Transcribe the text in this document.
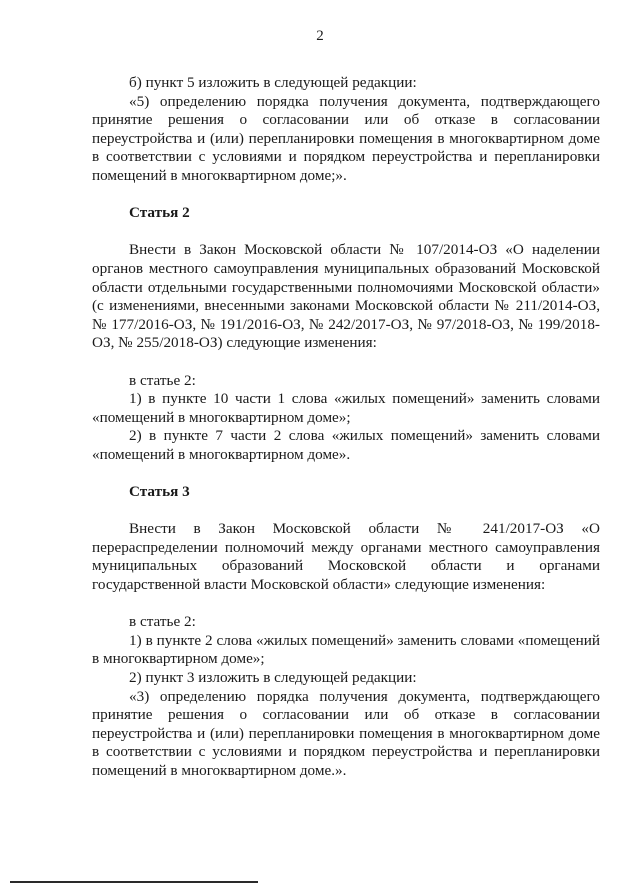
2

б) пункт 5 изложить в следующей редакции:

«5) определению порядка получения документа, подтверждающего принятие решения о согласовании или об отказе в согласовании переустройства и (или) перепланировки помещения в многоквартирном доме в соответствии с условиями и порядком переустройства и перепланировки помещений в многоквартирном доме;».

Статья 2

Внести в Закон Московской области № 107/2014-ОЗ «О наделении органов местного самоуправления муниципальных образований Московской области отдельными государственными полномочиями Московской области» (с изменениями, внесенными законами Московской области № 211/2014-ОЗ, № 177/2016-ОЗ, № 191/2016-ОЗ, № 242/2017-ОЗ, № 97/2018-ОЗ, № 199/2018-ОЗ, № 255/2018-ОЗ) следующие изменения:

в статье 2:

1) в пункте 10 части 1 слова «жилых помещений» заменить словами «помещений в многоквартирном доме»;

2) в пункте 7 части 2 слова «жилых помещений» заменить словами «помещений в многоквартирном доме».

Статья 3

Внести в Закон Московской области № 241/2017-ОЗ «О перераспределении полномочий между органами местного самоуправления муниципальных образований Московской области и органами государственной власти Московской области» следующие изменения:

в статье 2:

1) в пункте 2 слова «жилых помещений» заменить словами «помещений в многоквартирном доме»;

2) пункт 3 изложить в следующей редакции:

«3) определению порядка получения документа, подтверждающего принятие решения о согласовании или об отказе в согласовании переустройства и (или) перепланировки помещения в многоквартирном доме в соответствии с условиями и порядком переустройства и перепланировки помещений в многоквартирном доме.».
